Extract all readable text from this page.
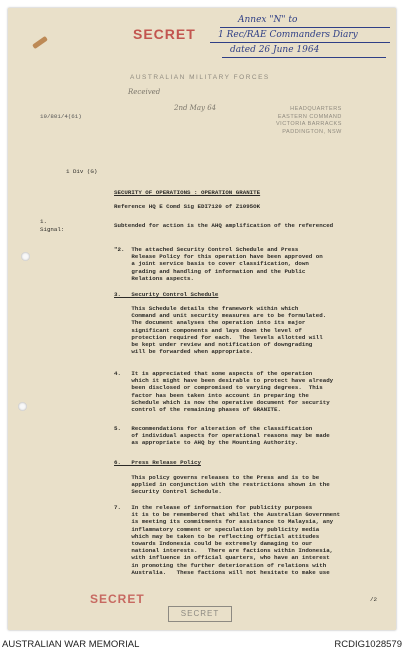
SECRET
Annex "N" to
1 Rec/RAE Commanders Diary
dated 26 June 1964
AUSTRALIAN MILITARY FORCES
Received
2nd May 64	HEADQUARTERS
EASTERN COMMAND
VICTORIA BARRACKS
PADDINGTON, NSW
19/801/4(61)
1 Div (G)
SECURITY OF OPERATIONS : OPERATION GRANITE
Reference HQ E Comd Sig EDI7120 of Z1095OK
1.
Signal:
Subtended for action is the AHQ amplification of the referenced
"2.  The attached Security Control Schedule and Press
Release Policy for this operation have been approved on
a joint service basis to cover classification, down
grading and handling of information and the Public
Relations aspects.
3.   Security Control Schedule
This Schedule details the framework within which
Command and unit security measures are to be formulated.
The document analyses the operation into its major
significant components and lays down the level of
protection required for each.  The levels allotted will
be kept under review and notification of downgrading
will be forwarded when appropriate.
4.   It is appreciated that some aspects of the operation
which it might have been desirable to protect have already
been disclosed or compromised to varying degrees.  This
factor has been taken into account in preparing the
Schedule which is now the operative document for security
control of the remaining phases of GRANITE.
5.   Recommendations for alteration of the classification
of individual aspects for operational reasons may be made
as appropriate to AHQ by the Mounting Authority.
6.   Press Release Policy
This policy governs releases to the Press and is to be
applied in conjunction with the restrictions shown in the
Security Control Schedule.
7.   In the release of information for publicity purposes
it is to be remembered that whilst the Australian Government
is meeting its commitments for assistance to Malaysia, any
inflammatory comment or speculation by publicity media
which may be taken to be reflecting official attitudes
towards Indonesia could be extremely damaging to our
national interests.   There are factions within Indonesia,
with influence in official quarters, who have an interest
in promoting the further deterioration of relations with
Australia.   These factions will not hesitate to make use
SECRET	/2
SECRET
AUSTRALIAN WAR MEMORIAL	RCDIG1028579
